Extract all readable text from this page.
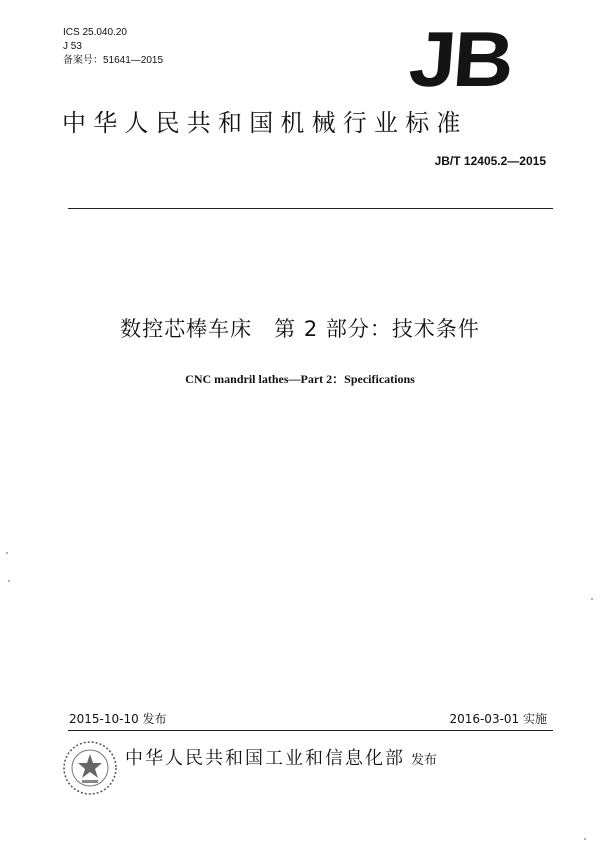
ICS 25.040.20
J 53
备案号：51641—2015	JB
中华人民共和国机械行业标准
JB/T 12405.2—2015
数控芯棒车床　第 2 部分：技术条件
CNC mandril lathes—Part 2：Specifications
2015-10-10 发布	2016-03-01 实施
中华人民共和国工业和信息化部 发布
